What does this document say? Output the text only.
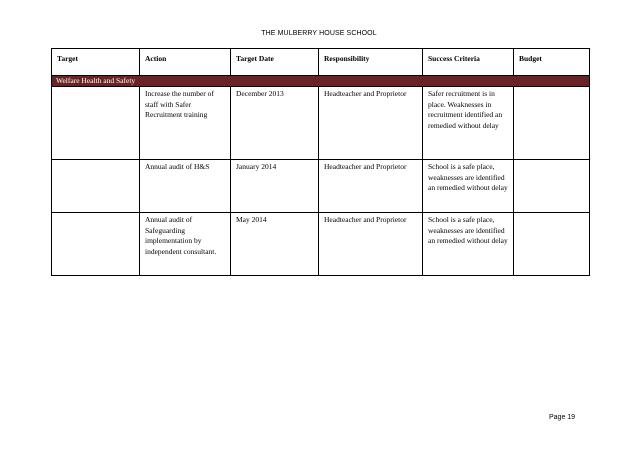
THE MULBERRY HOUSE SCHOOL
Target	Action	Target Date	Responsibility	Success Criteria	Budget
Welfare Health and Safety					
	Increase the number of staff with Safer Recruitment training	December 2013	Headteacher and Proprietor	Safer recruitment is in place. Weaknesses in recruitment identified an remedied without delay	
	Annual audit of H&S	January 2014	Headteacher and Proprietor	School is a safe place, weaknesses are identified an remedied without delay	
	Annual audit of Safeguarding implementation by independent consultant.	May 2014	Headteacher and Proprietor	School is a safe place, weaknesses are identified an remedied without delay	
Page 19
